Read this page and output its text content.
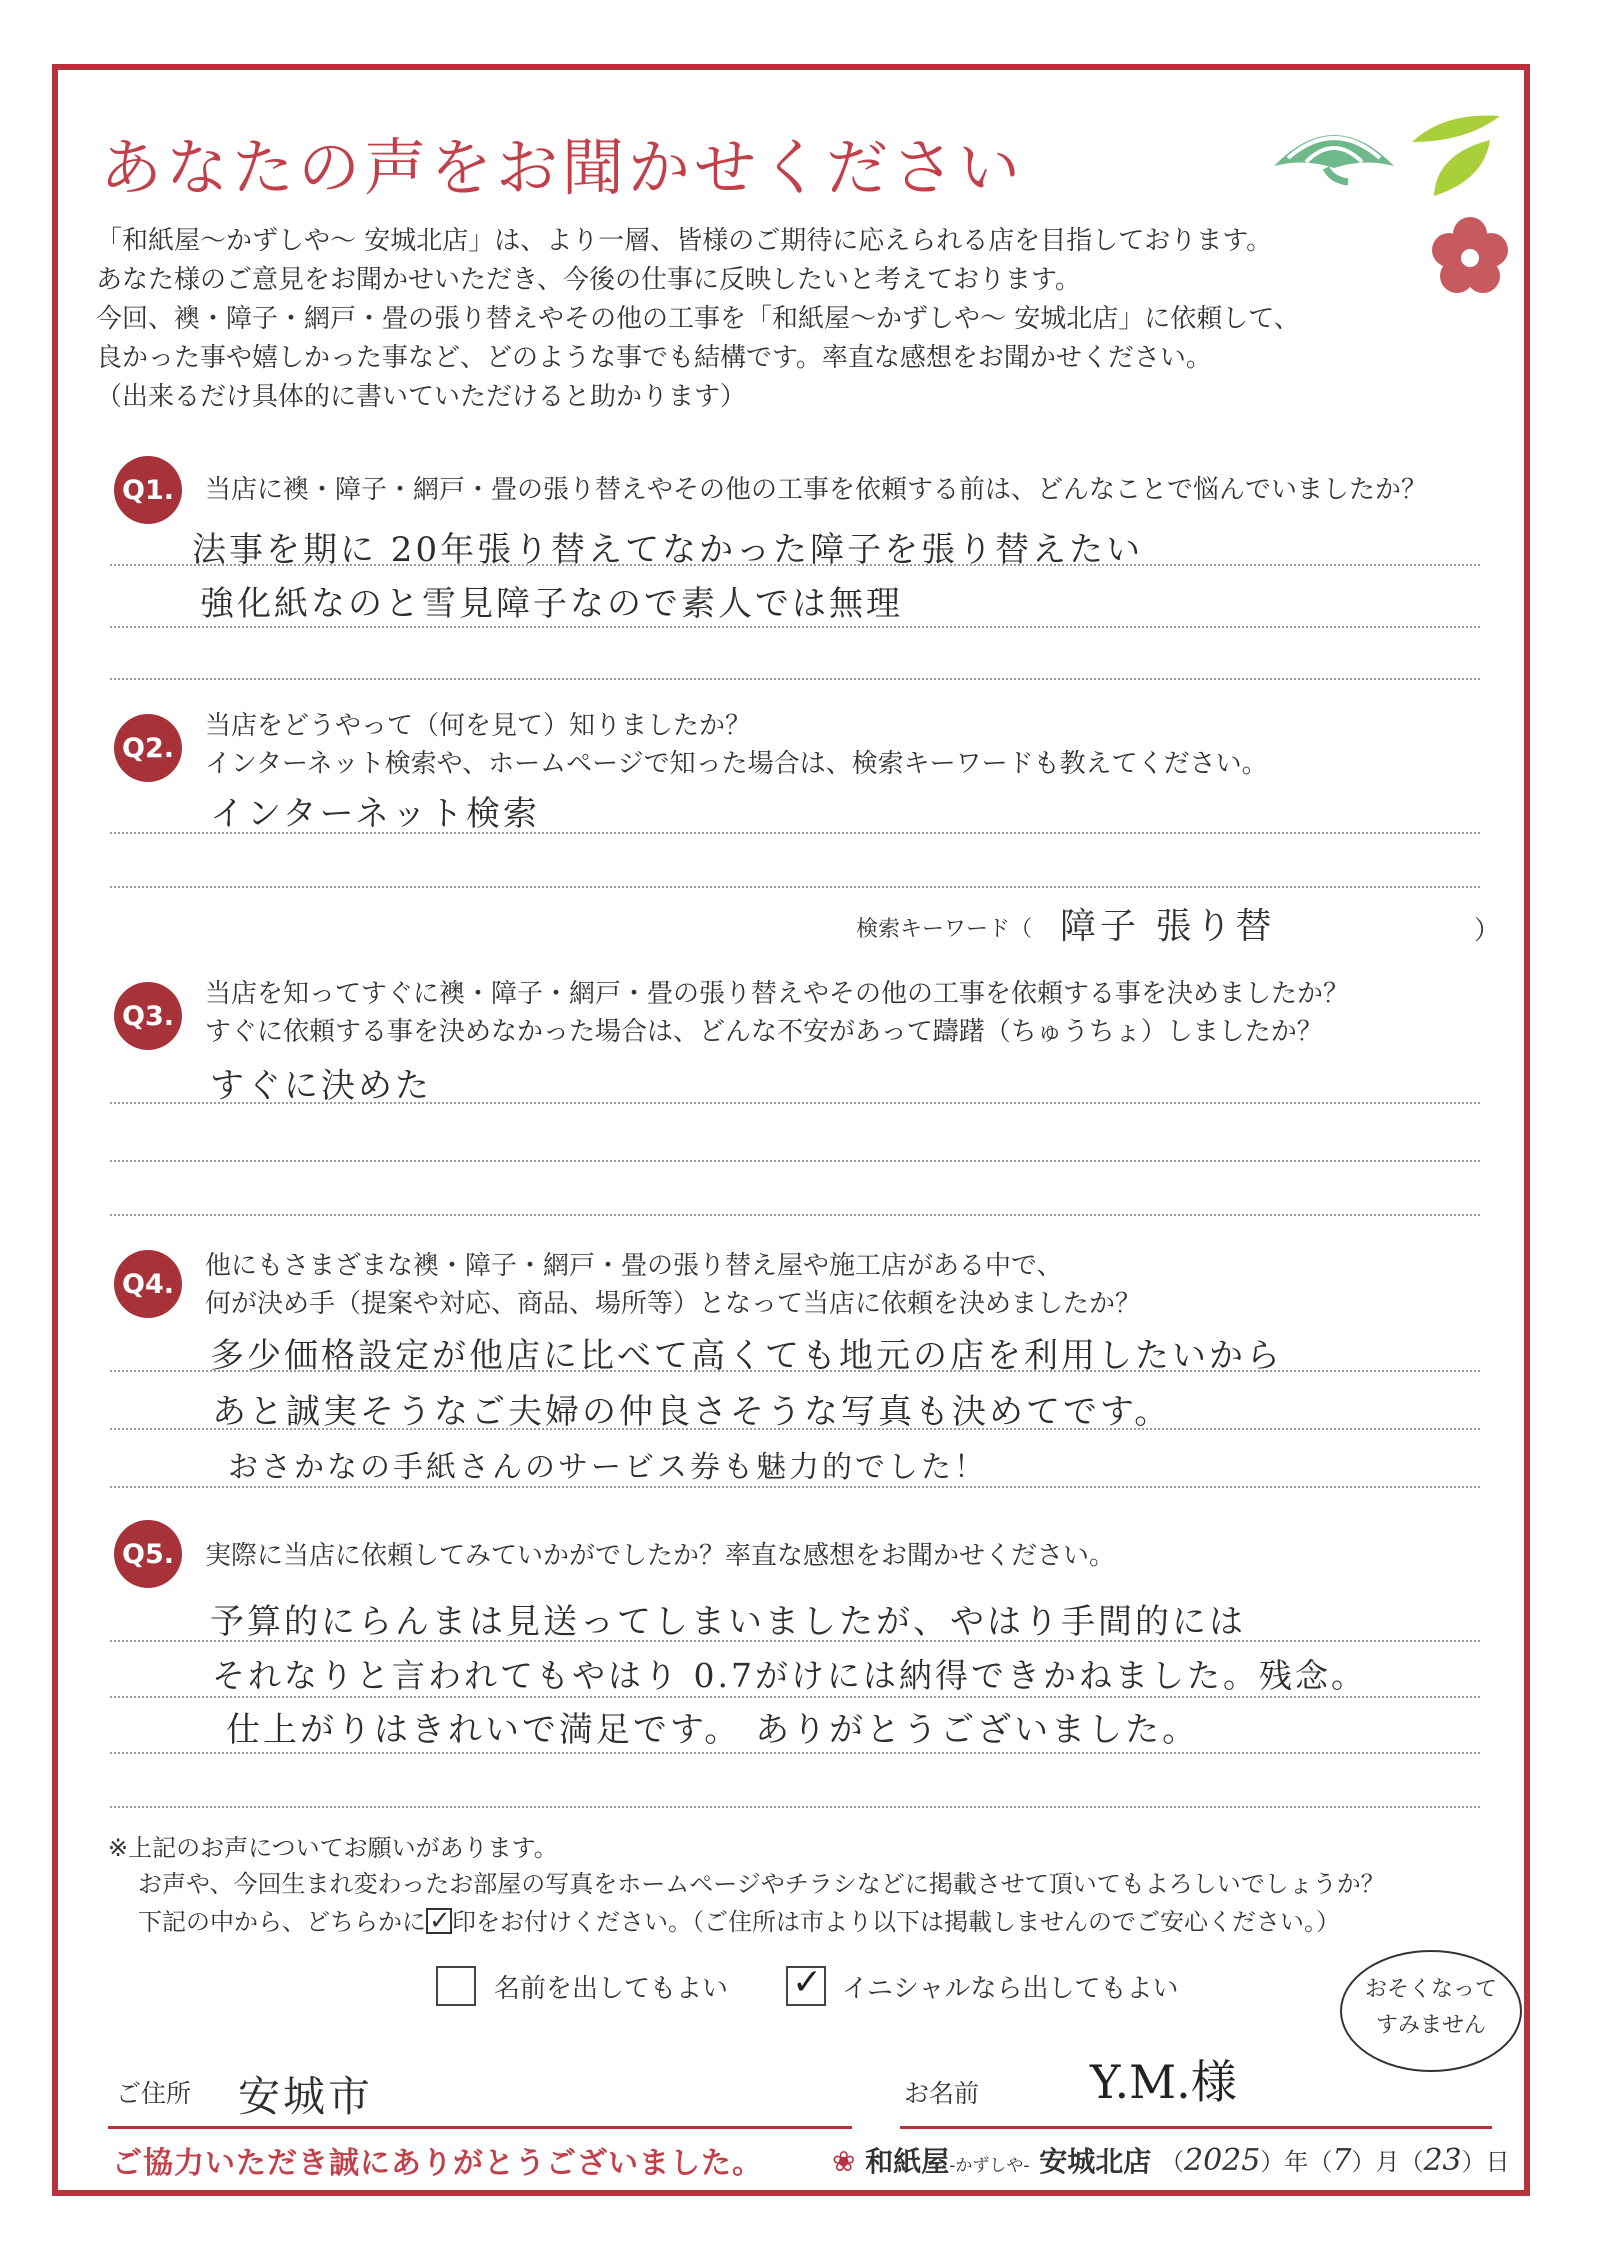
あなたの声をお聞かせください
「和紙屋〜かずしや〜 安城北店」は、より一層、皆様のご期待に応えられる店を目指しております。
あなた様のご意見をお聞かせいただき、今後の仕事に反映したいと考えております。
今回、襖・障子・網戸・畳の張り替えやその他の工事を「和紙屋〜かずしや〜 安城北店」に依頼して、
良かった事や嬉しかった事など、どのような事でも結構です。率直な感想をお聞かせください。
（出来るだけ具体的に書いていただけると助かります）
Q1.	当店に襖・障子・網戸・畳の張り替えやその他の工事を依頼する前は、どんなことで悩んでいましたか？
法事を期に 20年張り替えてなかった障子を張り替えたい
強化紙なのと雪見障子なので素人では無理
Q2.
当店をどうやって（何を見て）知りましたか？
インターネット検索や、ホームページで知った場合は、検索キーワードも教えてください。
インターネット検索
検索キーワード（ 障子 張り替	）
Q3.
当店を知ってすぐに襖・障子・網戸・畳の張り替えやその他の工事を依頼する事を決めましたか？
すぐに依頼する事を決めなかった場合は、どんな不安があって躊躇（ちゅうちょ）しましたか？
すぐに決めた
Q4.
他にもさまざまな襖・障子・網戸・畳の張り替え屋や施工店がある中で、
何が決め手（提案や対応、商品、場所等）となって当店に依頼を決めましたか？
多少価格設定が他店に比べて高くても地元の店を利用したいから
あと誠実そうなご夫婦の仲良さそうな写真も決めてです。
おさかなの手紙さんのサービス券も魅力的でした！
Q5.	実際に当店に依頼してみていかがでしたか？率直な感想をお聞かせください。
予算的にらんまは見送ってしまいましたが、やはり手間的には
それなりと言われてもやはり 0.7がけには納得できかねました。残念。
仕上がりはきれいで満足です。 ありがとうございました。
※上記のお声についてお願いがあります。
お声や、今回生まれ変わったお部屋の写真をホームページやチラシなどに掲載させて頂いてもよろしいでしょうか？
下記の中から、どちらかに ✓ 印をお付けください。（ご住所は市より以下は掲載しませんのでご安心ください。）
名前を出してもよい ✓	イニシャルなら出してもよい	おそくなって
すみません
ご住所 安城市	お名前 Y.M.様
ご協力いただき誠にありがとうございました。 ❀ 和紙屋-かずしや- 安城北店 （2025）年（7）月（23）日
